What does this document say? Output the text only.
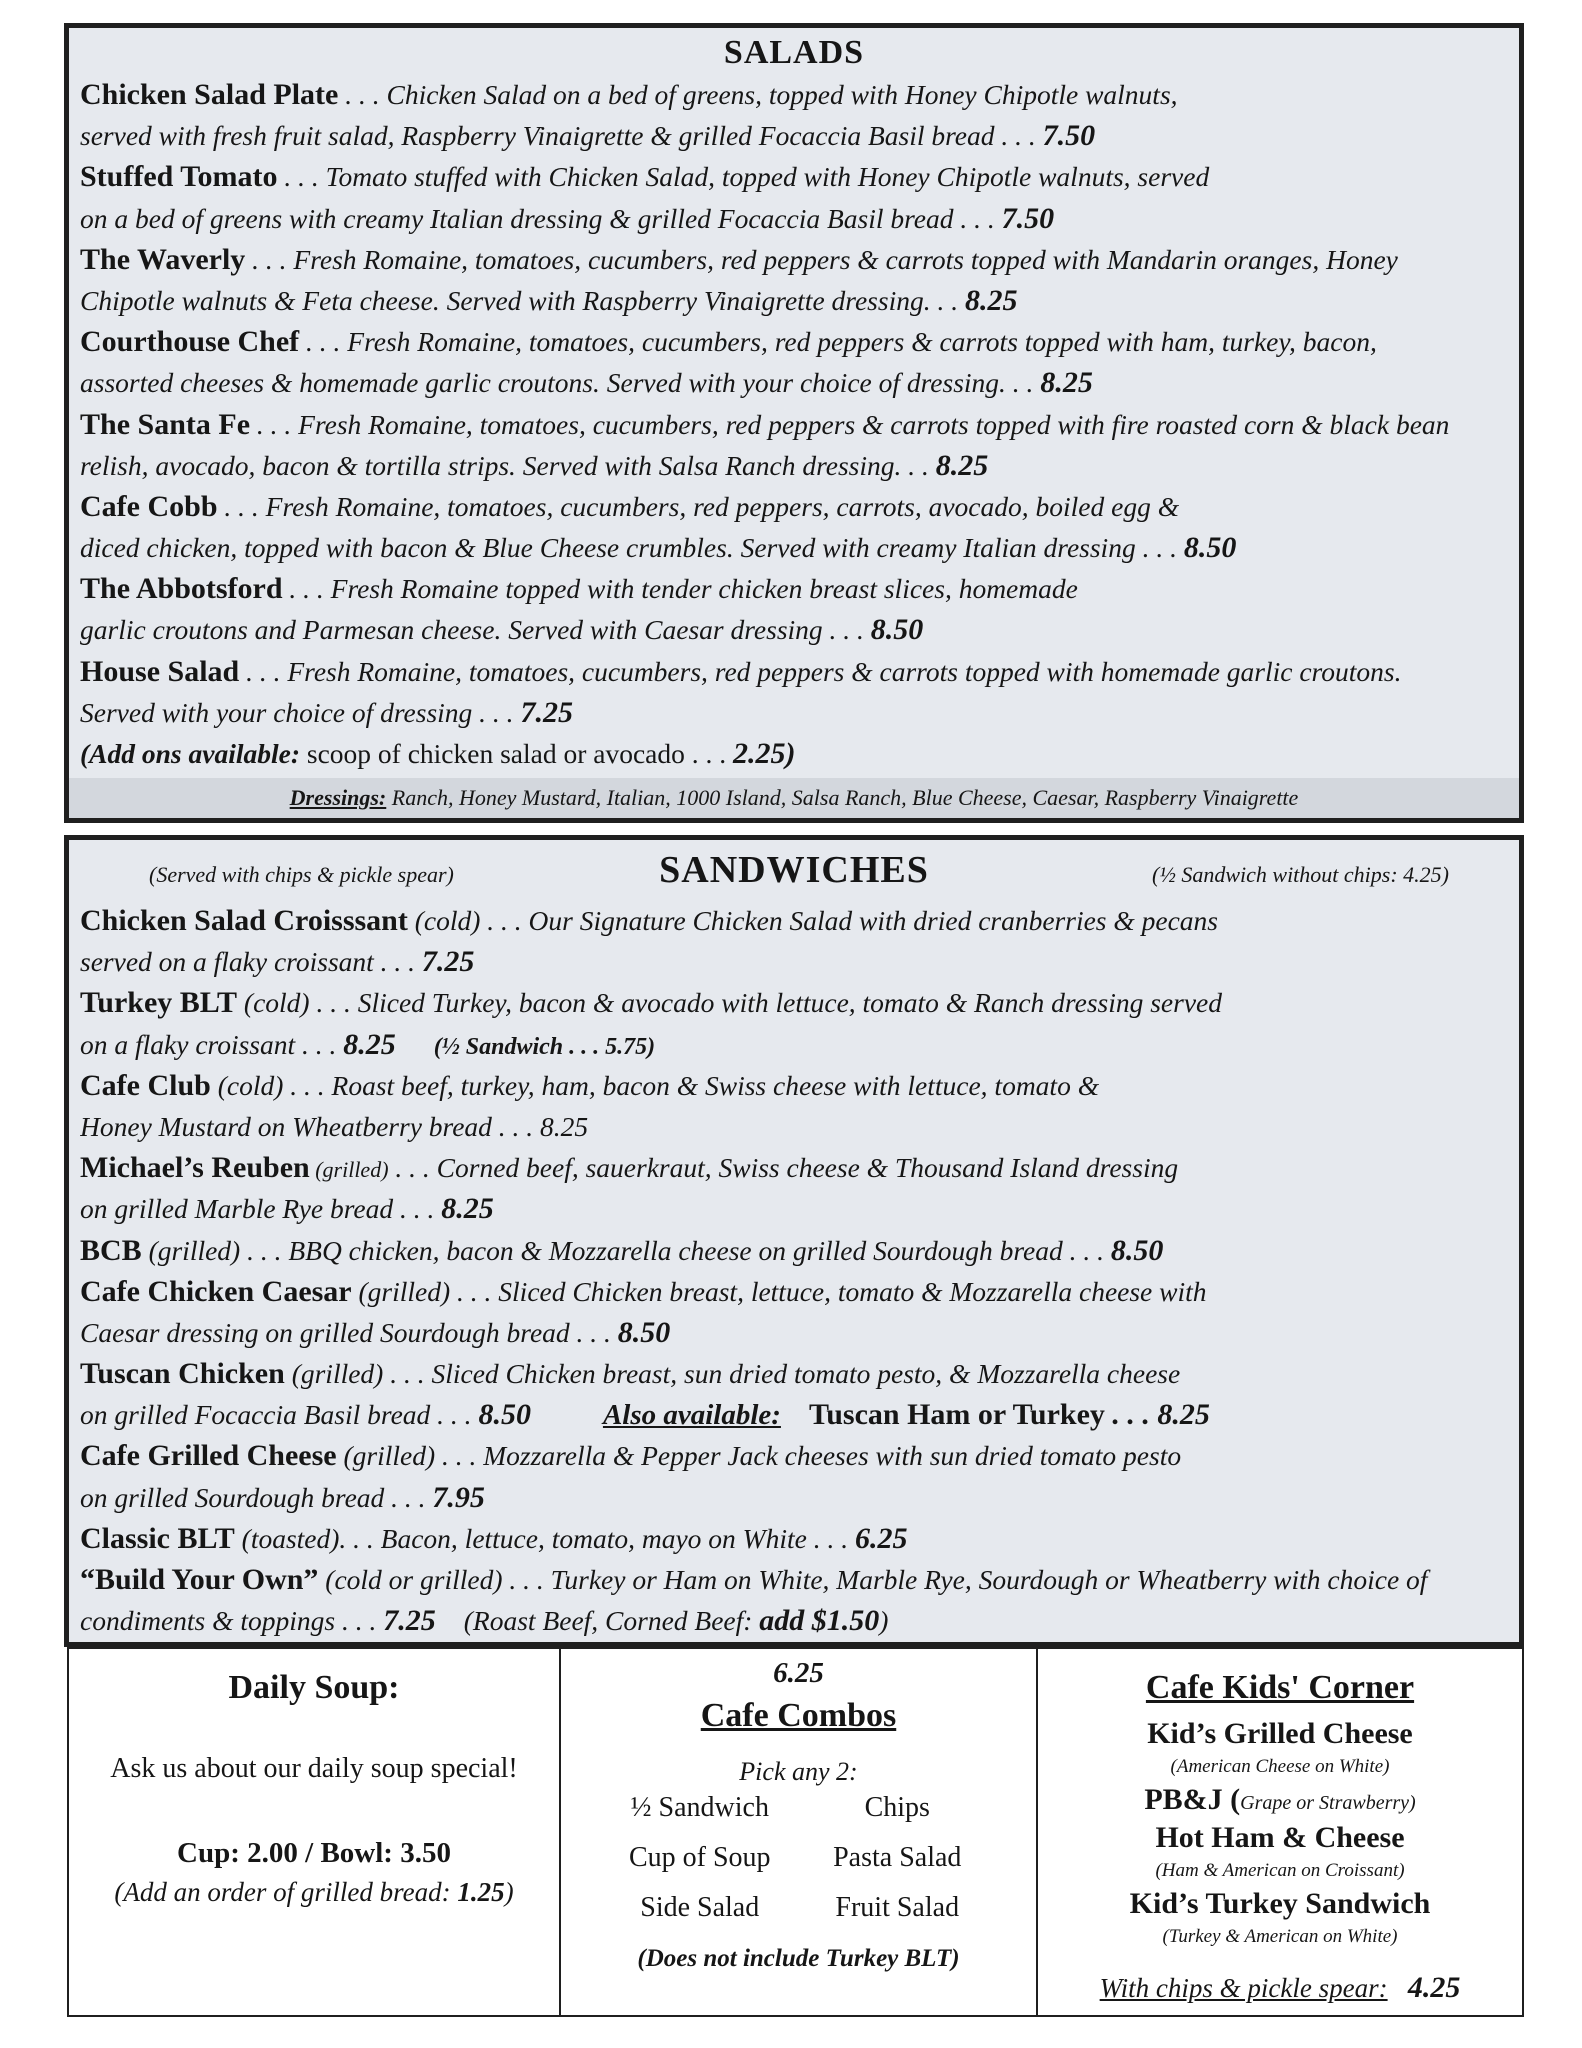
SALADS
Chicken Salad Plate . . . Chicken Salad on a bed of greens, topped with Honey Chipotle walnuts,
served with fresh fruit salad, Raspberry Vinaigrette & grilled Focaccia Basil bread . . . 7.50
Stuffed Tomato . . . Tomato stuffed with Chicken Salad, topped with Honey Chipotle walnuts, served
on a bed of greens with creamy Italian dressing & grilled Focaccia Basil bread . . . 7.50
The Waverly . . . Fresh Romaine, tomatoes, cucumbers, red peppers & carrots topped with Mandarin oranges, Honey
Chipotle walnuts & Feta cheese. Served with Raspberry Vinaigrette dressing. . . 8.25
Courthouse Chef . . . Fresh Romaine, tomatoes, cucumbers, red peppers & carrots topped with ham, turkey, bacon,
assorted cheeses & homemade garlic croutons. Served with your choice of dressing. . . 8.25
The Santa Fe . . . Fresh Romaine, tomatoes, cucumbers, red peppers & carrots topped with fire roasted corn & black bean
relish, avocado, bacon & tortilla strips. Served with Salsa Ranch dressing. . . 8.25
Cafe Cobb . . . Fresh Romaine, tomatoes, cucumbers, red peppers, carrots, avocado, boiled egg &
diced chicken, topped with bacon & Blue Cheese crumbles. Served with creamy Italian dressing . . . 8.50
The Abbotsford . . . Fresh Romaine topped with tender chicken breast slices, homemade
garlic croutons and Parmesan cheese. Served with Caesar dressing . . . 8.50
House Salad . . . Fresh Romaine, tomatoes, cucumbers, red peppers & carrots topped with homemade garlic croutons.
Served with your choice of dressing . . . 7.25
(Add ons available: scoop of chicken salad or avocado . . . 2.25)
Dressings: Ranch, Honey Mustard, Italian, 1000 Island, Salsa Ranch, Blue Cheese, Caesar, Raspberry Vinaigrette
(Served with chips & pickle spear)	SANDWICHES	(½ Sandwich without chips: 4.25)
Chicken Salad Croisssant (cold) . . . Our Signature Chicken Salad with dried cranberries & pecans
served on a flaky croissant . . . 7.25
Turkey BLT (cold) . . . Sliced Turkey, bacon & avocado with lettuce, tomato & Ranch dressing served
on a flaky croissant . . . 8.25 (½ Sandwich . . . 5.75)
Cafe Club (cold) . . . Roast beef, turkey, ham, bacon & Swiss cheese with lettuce, tomato &
Honey Mustard on Wheatberry bread . . . 8.25
Michael’s Reuben (grilled) . . . Corned beef, sauerkraut, Swiss cheese & Thousand Island dressing
on grilled Marble Rye bread . . . 8.25
BCB (grilled) . . . BBQ chicken, bacon & Mozzarella cheese on grilled Sourdough bread . . . 8.50
Cafe Chicken Caesar (grilled) . . . Sliced Chicken breast, lettuce, tomato & Mozzarella cheese with
Caesar dressing on grilled Sourdough bread . . . 8.50
Tuscan Chicken (grilled) . . . Sliced Chicken breast, sun dried tomato pesto, & Mozzarella cheese
on grilled Focaccia Basil bread . . . 8.50 Also available: Tuscan Ham or Turkey . . . 8.25
Cafe Grilled Cheese (grilled) . . . Mozzarella & Pepper Jack cheeses with sun dried tomato pesto
on grilled Sourdough bread . . . 7.95
Classic BLT (toasted). . . Bacon, lettuce, tomato, mayo on White . . . 6.25
“Build Your Own” (cold or grilled) . . . Turkey or Ham on White, Marble Rye, Sourdough or Wheatberry with choice of
condiments & toppings . . . 7.25 (Roast Beef, Corned Beef: add $1.50)
Daily Soup:
Ask us about our daily soup special!
Cup: 2.00 / Bowl: 3.50
(Add an order of grilled bread: 1.25)
6.25
Cafe Combos
Pick any 2:
½ Sandwich	Chips
Cup of Soup	Pasta Salad
Side Salad	Fruit Salad
(Does not include Turkey BLT)
Cafe Kids' Corner
Kid’s Grilled Cheese
(American Cheese on White)
PB&J (Grape or Strawberry)
Hot Ham & Cheese
(Ham & American on Croissant)
Kid’s Turkey Sandwich
(Turkey & American on White)
With chips & pickle spear: 4.25
